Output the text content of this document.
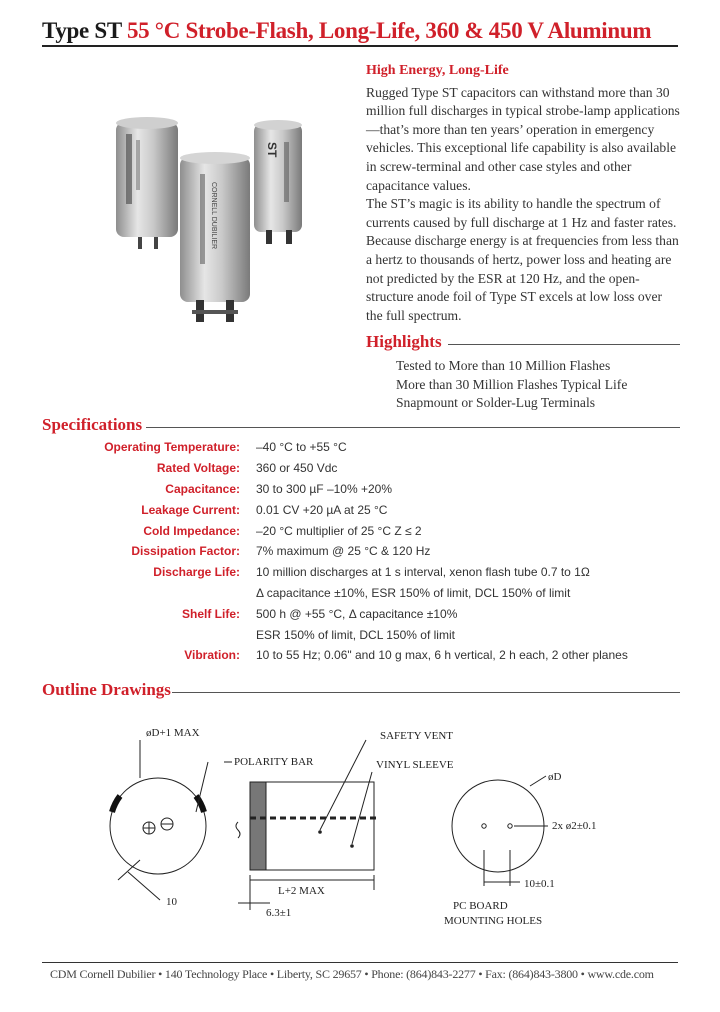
Type ST 55 °C Strobe-Flash, Long-Life, 360 & 450 V Aluminum
CORNELL DUBILIER
ST
High Energy, Long-Life

Rugged Type ST capacitors can withstand more than 30 million full discharges in typical strobe-lamp applications—that’s more than ten years’ operation in emergency vehicles. This exceptional life capability is also available in screw-terminal and other case styles and other capacitance values.

The ST’s magic is its ability to handle the spectrum of currents caused by full discharge at 1 Hz and faster rates. Because discharge energy is at frequencies from less than a hertz to thousands of hertz, power loss and heating are not predicted by the ESR at 120 Hz, and the open-structure anode foil of Type ST excels at low loss over the full spectrum.

Highlights
Tested to More than 10 Million Flashes
More than 30 Million Flashes Typical Life
Snapmount or Solder-Lug Terminals
Specifications
Operating Temperature:	–40 °C to +55 °C
Rated Voltage:	360 or 450 Vdc
Capacitance:	30 to 300 µF –10% +20%
Leakage Current:	0.01 CV +20 µA at 25 °C
Cold Impedance:	–20 °C multiplier of 25 °C Z ≤ 2
Dissipation Factor:	7% maximum @ 25 °C & 120 Hz
Discharge Life:	10 million discharges at 1 s interval, xenon flash tube 0.7 to 1Ω
Δ capacitance ±10%, ESR 150% of limit, DCL 150% of limit
Shelf Life:	500 h @ +55 °C, Δ capacitance ±10%
ESR 150% of limit, DCL 150% of limit
Vibration:	10 to 55 Hz; 0.06" and 10 g max, 6 h vertical, 2 h each, 2 other planes
Outline Drawings
øD+1 MAX
POLARITY BAR
10
SAFETY VENT
VINYL SLEEVE
L+2 MAX
6.3±1
øD
2x ø2±0.1
10±0.1
PC BOARD
MOUNTING HOLES
CDM Cornell Dubilier • 140 Technology Place • Liberty, SC 29657 • Phone: (864)843-2277 • Fax: (864)843-3800 • www.cde.com
